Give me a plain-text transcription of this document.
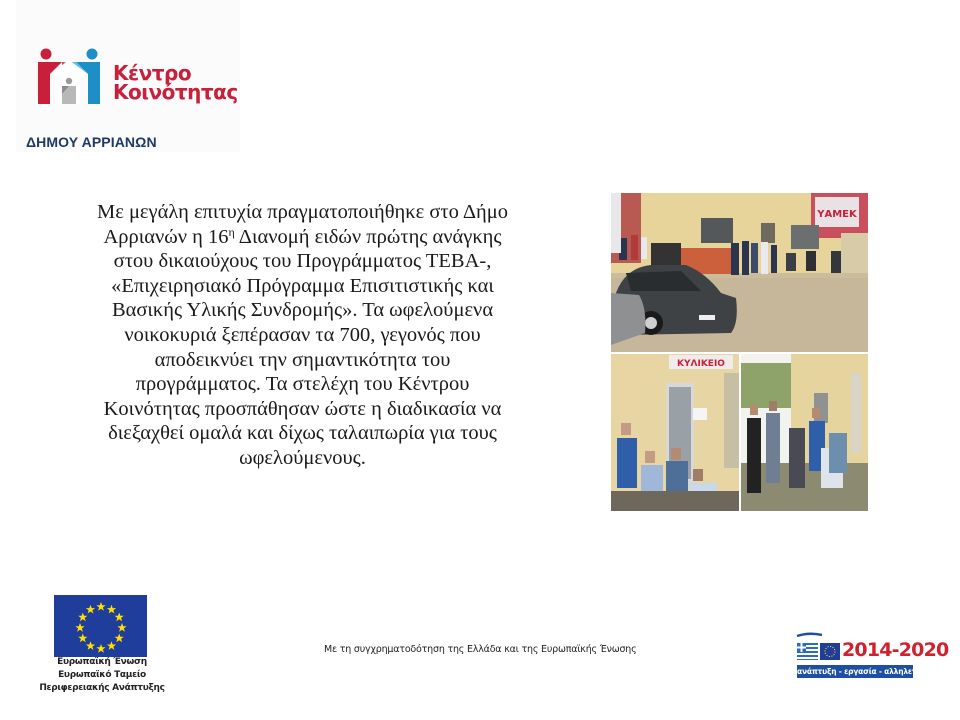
Κέντρο
Κοινότητας
ΔΗΜΟΥ ΑΡΡΙΑΝΩΝ
Με μεγάλη επιτυχία πραγματοποιήθηκε στο Δήμο
Αρριανών η $16^\eta$ Διανομή ειδών πρώτης ανάγκης
στου δικαιούχους του Προγράμματος ΤΕΒΑ-,
«Επιχειρησιακό Πρόγραμμα Επισιτιστικής και
Βασικής Υλικής Συνδρομής». Τα ωφελούμενα
νοικοκυριά ξεπέρασαν τα 700, γεγονός που
αποδεικνύει την σημαντικότητα του
προγράμματος. Τα στελέχη του Κέντρου
Κοινότητας προσπάθησαν ώστε η διαδικασία να
διεξαχθεί ομαλά και δίχως ταλαιπωρία για τους
ωφελούμενους.
ΥΑΜΕΚ
ΚΥΛΙΚΕΙΟ
Ευρωπαϊκή Ένωση
Ευρωπαϊκό Ταμείο
Περιφερειακής Ανάπτυξης
Με τη συγχρηματοδότηση της Ελλάδα και της Ευρωπαϊκής Ένωσης	2014-2020
ανάπτυξη - εργασία - αλληλεγγύη
